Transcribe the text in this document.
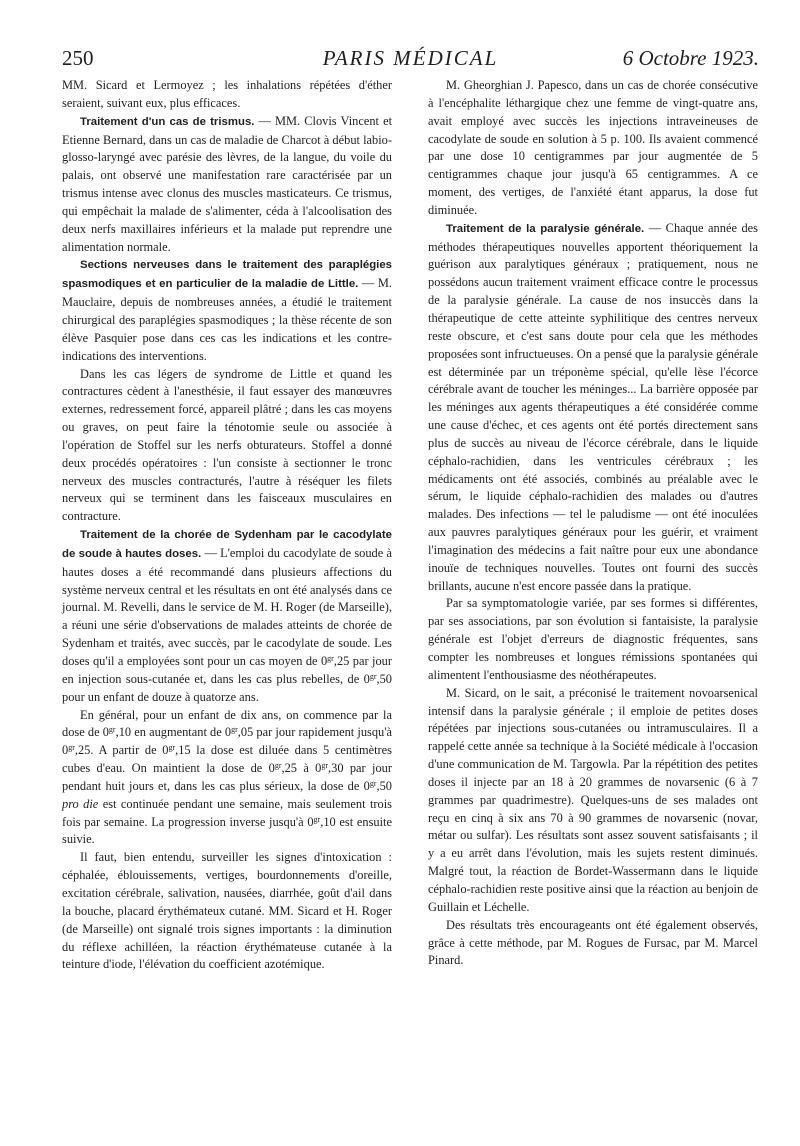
250	PARIS MÉDICAL	6 Octobre 1923.

MM. Sicard et Lermoyez ; les inhalations répétées d'éther seraient, suivant eux, plus efficaces.

Traitement d'un cas de trismus. — MM. Clovis Vincent et Etienne Bernard, dans un cas de maladie de Charcot à début labio-glosso-laryngé avec parésie des lèvres, de la langue, du voile du palais, ont observé une manifestation rare caractérisée par un trismus intense avec clonus des muscles masticateurs. Ce trismus, qui empêchait la malade de s'alimenter, céda à l'alcoolisation des deux nerfs maxillaires inférieurs et la malade put reprendre une alimentation normale.

Sections nerveuses dans le traitement des paraplégies spasmodiques et en particulier de la maladie de Little. — M. Mauclaire, depuis de nombreuses années, a étudié le traitement chirurgical des paraplégies spasmodiques ; la thèse récente de son élève Pasquier pose dans ces cas les indications et les contre-indications des interventions.

Dans les cas légers de syndrome de Little et quand les contractures cèdent à l'anesthésie, il faut essayer des manœuvres externes, redressement forcé, appareil plâtré ; dans les cas moyens ou graves, on peut faire la ténotomie seule ou associée à l'opération de Stoffel sur les nerfs obturateurs. Stoffel a donné deux procédés opératoires : l'un consiste à sectionner le tronc nerveux des muscles contracturés, l'autre à réséquer les filets nerveux qui se terminent dans les faisceaux musculaires en contracture.

Traitement de la chorée de Sydenham par le cacodylate de soude à hautes doses. — L'emploi du cacodylate de soude à hautes doses a été recommandé dans plusieurs affections du système nerveux central et les résultats en ont été analysés dans ce journal. M. Revelli, dans le service de M. H. Roger (de Marseille), a réuni une série d'observations de malades atteints de chorée de Sydenham et traités, avec succès, par le cacodylate de soude. Les doses qu'il a employées sont pour un cas moyen de $0^{gr},25$ par jour en injection sous-cutanée et, dans les cas plus rebelles, de $0^{gr},50$ pour un enfant de douze à quatorze ans.

En général, pour un enfant de dix ans, on commence par la dose de $0^{gr},10$ en augmentant de $0^{gr},05$ par jour rapidement jusqu'à $0^{gr},25$. A partir de $0^{gr},15$ la dose est diluée dans 5 centimètres cubes d'eau. On maintient la dose de $0^{gr},25$ à $0^{gr},30$ par jour pendant huit jours et, dans les cas plus sérieux, la dose de $0^{gr},50$ pro die est continuée pendant une semaine, mais seulement trois fois par semaine. La progression inverse jusqu'à $0^{gr},10$ est ensuite suivie.

Il faut, bien entendu, surveiller les signes d'intoxication : céphalée, éblouissements, vertiges, bourdonnements d'oreille, excitation cérébrale, salivation, nausées, diarrhée, goût d'ail dans la bouche, placard érythémateux cutané. MM. Sicard et H. Roger (de Marseille) ont signalé trois signes importants : la diminution du réflexe achilléen, la réaction érythémateuse cutanée à la teinture d'iode, l'élévation du coefficient azotémique.

M. Gheorghian J. Papesco, dans un cas de chorée consécutive à l'encéphalite léthargique chez une femme de vingt-quatre ans, avait employé avec succès les injections intraveineuses de cacodylate de soude en solution à 5 p. 100. Ils avaient commencé par une dose 10 centigrammes par jour augmentée de 5 centigrammes chaque jour jusqu'à 65 centigrammes. A ce moment, des vertiges, de l'anxiété étant apparus, la dose fut diminuée.

Traitement de la paralysie générale. — Chaque année des méthodes thérapeutiques nouvelles apportent théoriquement la guérison aux paralytiques généraux ; pratiquement, nous ne possédons aucun traitement vraiment efficace contre le processus de la paralysie générale. La cause de nos insuccès dans la thérapeutique de cette atteinte syphilitique des centres nerveux reste obscure, et c'est sans doute pour cela que les méthodes proposées sont infructueuses. On a pensé que la paralysie générale est déterminée par un tréponème spécial, qu'elle lèse l'écorce cérébrale avant de toucher les méninges... La barrière opposée par les méninges aux agents thérapeutiques a été considérée comme une cause d'échec, et ces agents ont été portés directement sans plus de succès au niveau de l'écorce cérébrale, dans le liquide céphalo-rachidien, dans les ventricules cérébraux ; les médicaments ont été associés, combinés au préalable avec le sérum, le liquide céphalo-rachidien des malades ou d'autres malades. Des infections — tel le paludisme — ont été inoculées aux pauvres paralytiques généraux pour les guérir, et vraiment l'imagination des médecins a fait naître pour eux une abondance inouïe de techniques nouvelles. Toutes ont fourni des succès brillants, aucune n'est encore passée dans la pratique.

Par sa symptomatologie variée, par ses formes si différentes, par ses associations, par son évolution si fantaisiste, la paralysie générale est l'objet d'erreurs de diagnostic fréquentes, sans compter les nombreuses et longues rémissions spontanées qui alimentent l'enthousiasme des néothérapeutes.

M. Sicard, on le sait, a préconisé le traitement novoarsenical intensif dans la paralysie générale ; il emploie de petites doses répétées par injections sous-cutanées ou intramusculaires. Il a rappelé cette année sa technique à la Société médicale à l'occasion d'une communication de M. Targowla. Par la répétition des petites doses il injecte par an 18 à 20 grammes de novarsenic (6 à 7 grammes par quadrimestre). Quelques-uns de ses malades ont reçu en cinq à six ans 70 à 90 grammes de novarsenic (novar, métar ou sulfar). Les résultats sont assez souvent satisfaisants ; il y a eu arrêt dans l'évolution, mais les sujets restent diminués. Malgré tout, la réaction de Bordet-Wassermann dans le liquide céphalo-rachidien reste positive ainsi que la réaction au benjoin de Guillain et Léchelle.

Des résultats très encourageants ont été également observés, grâce à cette méthode, par M. Rogues de Fursac, par M. Marcel Pinard.
